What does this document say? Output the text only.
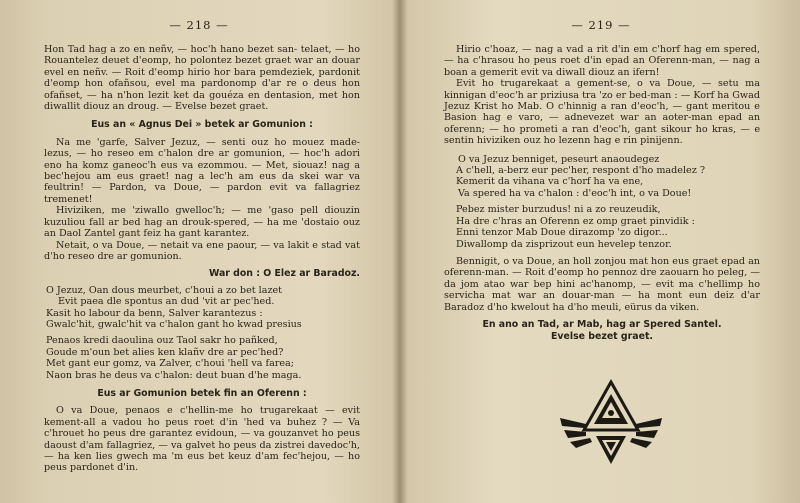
— 218 —

Hon Tad hag a zo en neñv, — hoc'h hano bezet san- telaet, — ho Rouantelez deuet d'eomp, ho polontez bezet graet war an douar evel en neñv. — Roit d'eomp hirio hor bara pemdeziek, pardonit d'eomp hon ofañsou, evel ma pardonomp d'ar re o deus hon ofañset, — ha n'hon lezit ket da gouéza en dentasion, met hon diwallit diouz an droug. — Evelse bezet graet.

Eus an « Agnus Dei » betek ar Gomunion :

Na me 'garfe, Salver Jezuz, — senti ouz ho mouez made- lezus, — ho reseo em c'halon dre ar gomunion, — hoc'h adori eno ha komz ganeoc'h eus va ezommou. — Met, siouaz! nag a bec'hejou am eus graet! nag a lec'h am eus da skei war va feultrin! — Pardon, va Doue, — pardon evit va fallagriez tremenet!

Hiviziken, me 'ziwallo gwelloc'h; — me 'gaso pell diouzin kuzuliou fall ar bed hag an drouk-spered, — ha me 'dostaio ouz an Daol Zantel gant feiz ha gant karantez.

Netait, o va Doue, — netait va ene paour, — va lakit e stad vat d'ho reseo dre ar gomunion.

War don : O Elez ar Baradoz.
O Jezuz, Oan dous meurbet, c'houi a zo bet lazet
Evit paea dle spontus an dud 'vit ar pec'hed.
Kasit ho labour da benn, Salver karantezus :
Gwalc'hit, gwalc'hit va c'halon gant ho kwad presius
Penaos kredi daoulina ouz Taol sakr ho pañked,
Goude m'oun bet alies ken klañv dre ar pec'hed?
Met gant eur gomz, va Zalver, c'houi 'hell va farea;
Naon bras he deus va c'halon: deut buan d'he maga.
Eus ar Gomunion betek fin an Oferenn :

O va Doue, penaos e c'hellin-me ho trugarekaat — evit kement-all a vadou ho peus roet d'in 'hed va buhez ? — Va c'hrouet ho peus dre garantez evidoun, — va gouzanvet ho peus daoust d'am fallagriez, — va galvet ho peus da zistrei davedoc'h, — ha ken lies gwech ma 'm eus bet keuz d'am fec'hejou, — ho peus pardonet d'in.

— 219 —

Hirio c'hoaz, — nag a vad a rit d'in em c'horf hag em spered, — ha c'hrasou ho peus roet d'in epad an Oferenn-man, — nag a boan a gemerit evit va diwall diouz an ifern!

Evit ho trugarekaat a gement-se, o va Doue, — setu ma kinnigan d'eoc'h ar priziusa tra 'zo er bed-man : — Korf ha Gwad Jezuz Krist ho Mab. O c'hinnig a ran d'eoc'h, — gant meritou e Basion hag e varo, — adnevezet war an aoter-man epad an oferenn; — ho prometi a ran d'eoc'h, gant sikour ho kras, — e sentin hiviziken ouz ho lezenn hag e rin pinijenn.

O va Jezuz benniget, peseurt anaoudegez
A c'hell, a-berz eur pec'her, respont d'ho madelez ?
Kemerit da vihana va c'horf ha va ene,
Va spered ha va c'halon : d'eoc'h int, o va Doue!
Pebez mister burzudus! ni a zo reuzeudik,
Ha dre c'hras an Oferenn ez omp graet pinvidik :
Enni tenzor Mab Doue dirazomp 'zo digor...
Diwallomp da zisprizout eun hevelep tenzor.

Bennigit, o va Doue, an holl zonjou mat hon eus graet epad an oferenn-man. — Roit d'eomp ho pennoz dre zaouarn ho peleg, — da jom atao war bep hini ac'hanomp, — evit ma c'hellimp ho servicha mat war an douar-man — ha mont eun deiz d'ar Baradoz d'ho kwelout ha d'ho meuli, eürus da viken.

En ano an Tad, ar Mab, hag ar Spered Santel.
Evelse bezet graet.
